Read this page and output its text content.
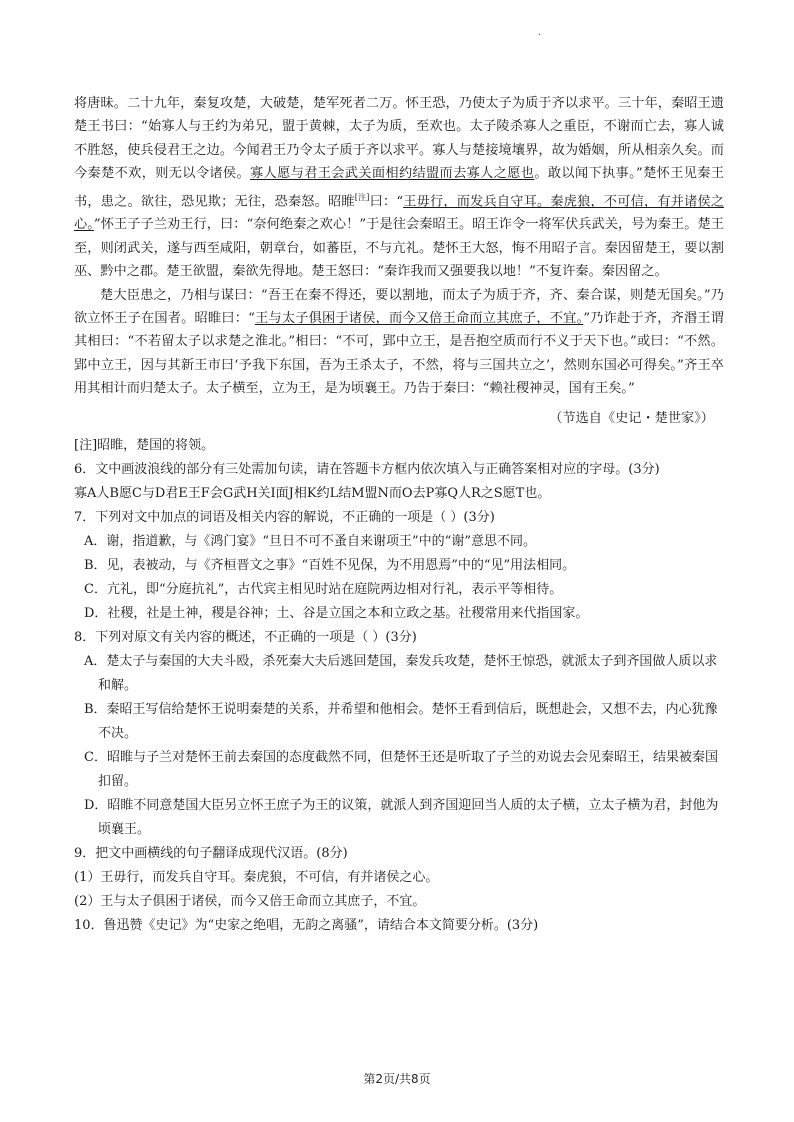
·

将唐昧。二十九年，秦复攻楚，大破楚，楚军死者二万。怀王恐，乃使太子为质于齐以求平。三十年，秦昭王遗楚王书曰：“始寡人与王约为弟兄，盟于黄棘，太子为质，至欢也。太子陵杀寡人之重臣，不谢而亡去，寡人诚不胜怒，使兵侵君王之边。今闻君王乃令太子质于齐以求平。寡人与楚接境壤界，故为婚姻，所从相亲久矣。而今秦楚不欢，则无以令诸侯。寡人愿与君王会武关面相约结盟而去寡人之愿也。敢以闻下执事。”楚怀王见秦王书，患之。欲往，恐见欺；无往，恐秦怒。昭睢[注]曰：“王毋行，而发兵自守耳。秦虎狼，不可信，有并诸侯之心。”怀王子子兰劝王行，曰：“奈何绝秦之欢心！”于是往会秦昭王。昭王诈令一将军伏兵武关，号为秦王。楚王至，则闭武关，遂与西至咸阳，朝章台，如蕃臣，不与亢礼。楚怀王大怒，悔不用昭子言。秦因留楚王，要以割巫、黔中之郡。楚王欲盟，秦欲先得地。楚王怒曰：“秦诈我而又强要我以地！”不复许秦。秦因留之。

楚大臣患之，乃相与谋曰：“吾王在秦不得还，要以割地，而太子为质于齐，齐、秦合谋，则楚无国矣。”乃欲立怀王子在国者。昭睢曰：“王与太子俱困于诸侯，而今又倍王命而立其庶子，不宜。”乃诈赴于齐，齐湣王谓其相曰：“不若留太子以求楚之淮北。”相曰：“不可，郢中立王，是吾抱空质而行不义于天下也。”或曰：“不然。郢中立王，因与其新王市曰‘予我下东国，吾为王杀太子，不然，将与三国共立之’，然则东国必可得矣。”齐王卒用其相计而归楚太子。太子横至，立为王，是为顷襄王。乃告于秦曰：“赖社稷神灵，国有王矣。”

（节选自《史记・楚世家》）

[注]昭睢，楚国的将领。

6．文中画波浪线的部分有三处需加句读，请在答题卡方框内依次填入与正确答案相对应的字母。(3分)

寡A人B愿C与D君E王F会G武H关I面J相K约L结M盟N而O去P寡Q人R之S愿T也。

7．下列对文中加点的词语及相关内容的解说，不正确的一项是（ ）(3分)

A．谢，指道歉，与《鸿门宴》“旦日不可不蚤自来谢项王”中的“谢”意思不同。

B．见，表被动，与《齐桓晋文之事》“百姓不见保，为不用恩焉”中的“见”用法相同。

C．亢礼，即“分庭抗礼”，古代宾主相见时站在庭院两边相对行礼，表示平等相待。

D．社稷，社是土神，稷是谷神；土、谷是立国之本和立政之基。社稷常用来代指国家。

8．下列对原文有关内容的概述，不正确的一项是（ ）(3分)

A．楚太子与秦国的大夫斗殴，杀死秦大夫后逃回楚国，秦发兵攻楚，楚怀王惊恐，就派太子到齐国做人质以求和解。

B．秦昭王写信给楚怀王说明秦楚的关系，并希望和他相会。楚怀王看到信后，既想赴会，又想不去，内心犹豫不决。

C．昭睢与子兰对楚怀王前去秦国的态度截然不同，但楚怀王还是听取了子兰的劝说去会见秦昭王，结果被秦国扣留。

D．昭睢不同意楚国大臣另立怀王庶子为王的议策，就派人到齐国迎回当人质的太子横，立太子横为君，封他为顷襄王。

9．把文中画横线的句子翻译成现代汉语。(8分)

(1）王毋行，而发兵自守耳。秦虎狼，不可信，有并诸侯之心。

(2）王与太子俱困于诸侯，而今又倍王命而立其庶子，不宜。

10．鲁迅赞《史记》为“史家之绝唱，无韵之离骚”，请结合本文简要分析。(3分)

第2页/共8页
